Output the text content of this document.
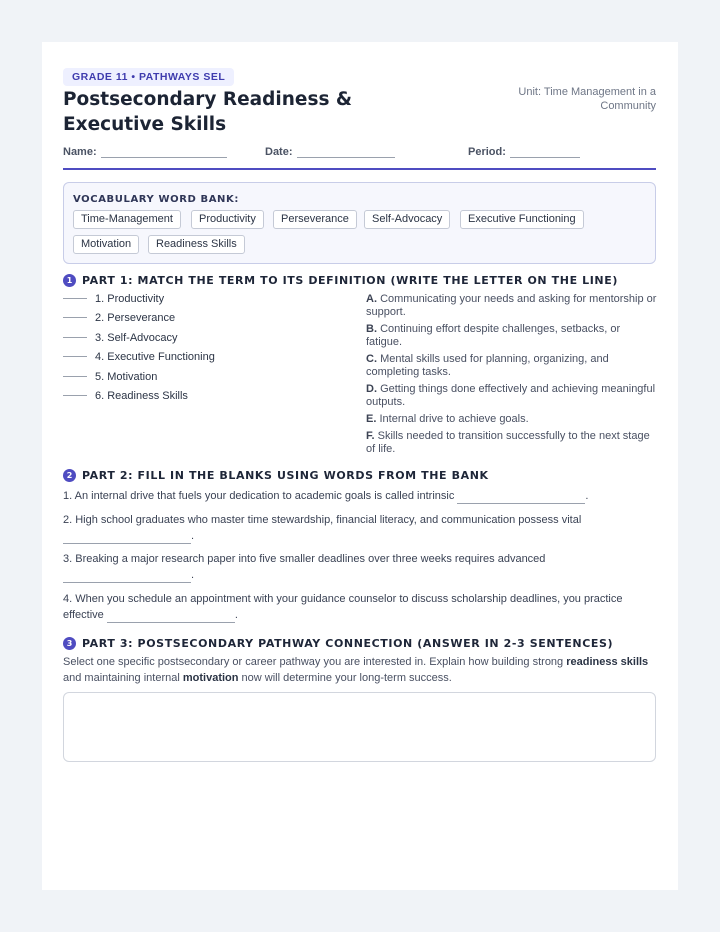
GRADE 11 • PATHWAYS SEL
Postsecondary Readiness & Executive Skills
Unit: Time Management in a Community
Name:	Date:	Period:
VOCABULARY WORD BANK:
Time-Management	Productivity	Perseverance	Self-Advocacy	Executive Functioning
Motivation	Readiness Skills
1 PART 1: MATCH THE TERM TO ITS DEFINITION (WRITE THE LETTER ON THE LINE)
1. Productivity
2. Perseverance
3. Self-Advocacy
4. Executive Functioning
5. Motivation
6. Readiness Skills
A. Communicating your needs and asking for mentorship or support.
B. Continuing effort despite challenges, setbacks, or fatigue.
C. Mental skills used for planning, organizing, and completing tasks.
D. Getting things done effectively and achieving meaningful outputs.
E. Internal drive to achieve goals.
F. Skills needed to transition successfully to the next stage of life.
2 PART 2: FILL IN THE BLANKS USING WORDS FROM THE BANK
1. An internal drive that fuels your dedication to academic goals is called intrinsic	.
2. High school graduates who master time stewardship, financial literacy, and communication possess vital
.
3. Breaking a major research paper into five smaller deadlines over three weeks requires advanced
.
4. When you schedule an appointment with your guidance counselor to discuss scholarship deadlines, you practice effective	.
3 PART 3: POSTSECONDARY PATHWAY CONNECTION (ANSWER IN 2-3 SENTENCES)
Select one specific postsecondary or career pathway you are interested in. Explain how building strong readiness skills and maintaining internal motivation now will determine your long-term success.
